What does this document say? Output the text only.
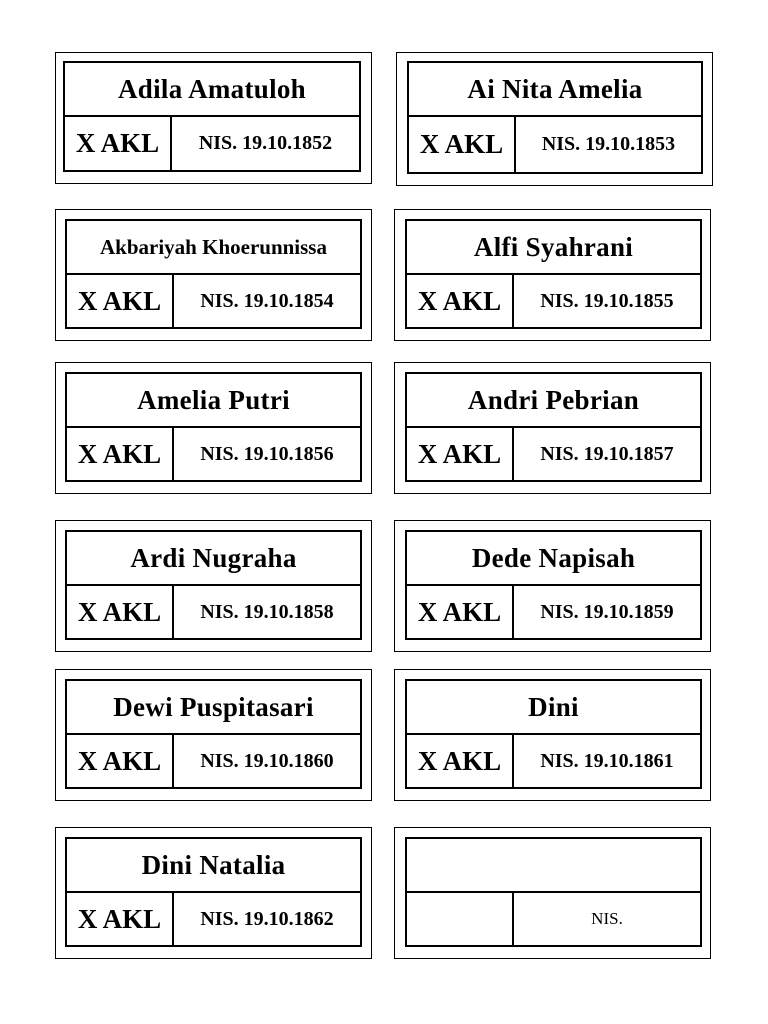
Adila Amatuloh
X AKL	NIS. 19.10.1852
Ai Nita Amelia
X AKL	NIS. 19.10.1853
Akbariyah Khoerunnissa
X AKL	NIS. 19.10.1854
Alfi Syahrani
X AKL	NIS. 19.10.1855
Amelia Putri
X AKL	NIS. 19.10.1856
Andri Pebrian
X AKL	NIS. 19.10.1857
Ardi Nugraha
X AKL	NIS. 19.10.1858
Dede Napisah
X AKL	NIS. 19.10.1859
Dewi Puspitasari
X AKL	NIS. 19.10.1860
Dini
X AKL	NIS. 19.10.1861
Dini Natalia
X AKL	NIS. 19.10.1862	NIS.
